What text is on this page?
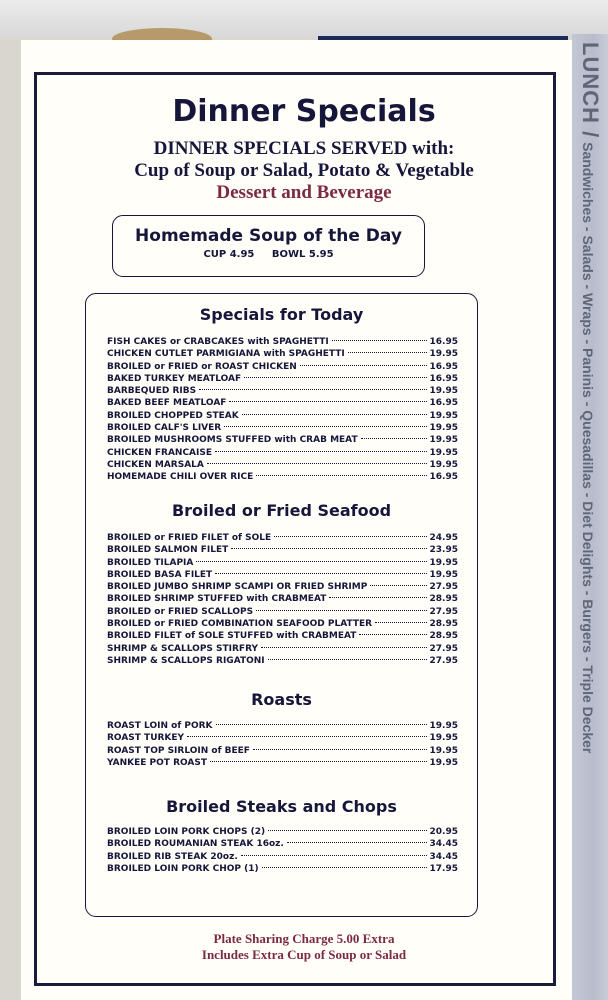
LUNCH / Sandwiches - Salads - Wraps - Paninis - Quesadillas - Diet Delights - Burgers - Triple Decker
Dinner Specials
DINNER SPECIALS SERVED with:
Cup of Soup or Salad, Potato & Vegetable
Dessert and Beverage
Homemade Soup of the Day
CUP 4.95 BOWL 5.95
Specials for Today
FISH CAKES or CRABCAKES with SPAGHETTI	16.95
CHICKEN CUTLET PARMIGIANA with SPAGHETTI	19.95
BROILED or FRIED or ROAST CHICKEN	16.95
BAKED TURKEY MEATLOAF	16.95
BARBEQUED RIBS	19.95
BAKED BEEF MEATLOAF	16.95
BROILED CHOPPED STEAK	19.95
BROILED CALF'S LIVER	19.95
BROILED MUSHROOMS STUFFED with CRAB MEAT	19.95
CHICKEN FRANCAISE	19.95
CHICKEN MARSALA	19.95
HOMEMADE CHILI OVER RICE	16.95
Broiled or Fried Seafood
BROILED or FRIED FILET of SOLE	24.95
BROILED SALMON FILET	23.95
BROILED TILAPIA	19.95
BROILED BASA FILET	19.95
BROILED JUMBO SHRIMP SCAMPI OR FRIED SHRIMP	27.95
BROILED SHRIMP STUFFED with CRABMEAT	28.95
BROILED or FRIED SCALLOPS	27.95
BROILED or FRIED COMBINATION SEAFOOD PLATTER	28.95
BROILED FILET of SOLE STUFFED with CRABMEAT	28.95
SHRIMP & SCALLOPS STIRFRY	27.95
SHRIMP & SCALLOPS RIGATONI	27.95
Roasts
ROAST LOIN of PORK	19.95
ROAST TURKEY	19.95
ROAST TOP SIRLOIN of BEEF	19.95
YANKEE POT ROAST	19.95
Broiled Steaks and Chops
BROILED LOIN PORK CHOPS (2)	20.95
BROILED ROUMANIAN STEAK 16oz.	34.45
BROILED RIB STEAK 20oz.	34.45
BROILED LOIN PORK CHOP (1)	17.95
Plate Sharing Charge 5.00 Extra
Includes Extra Cup of Soup or Salad
